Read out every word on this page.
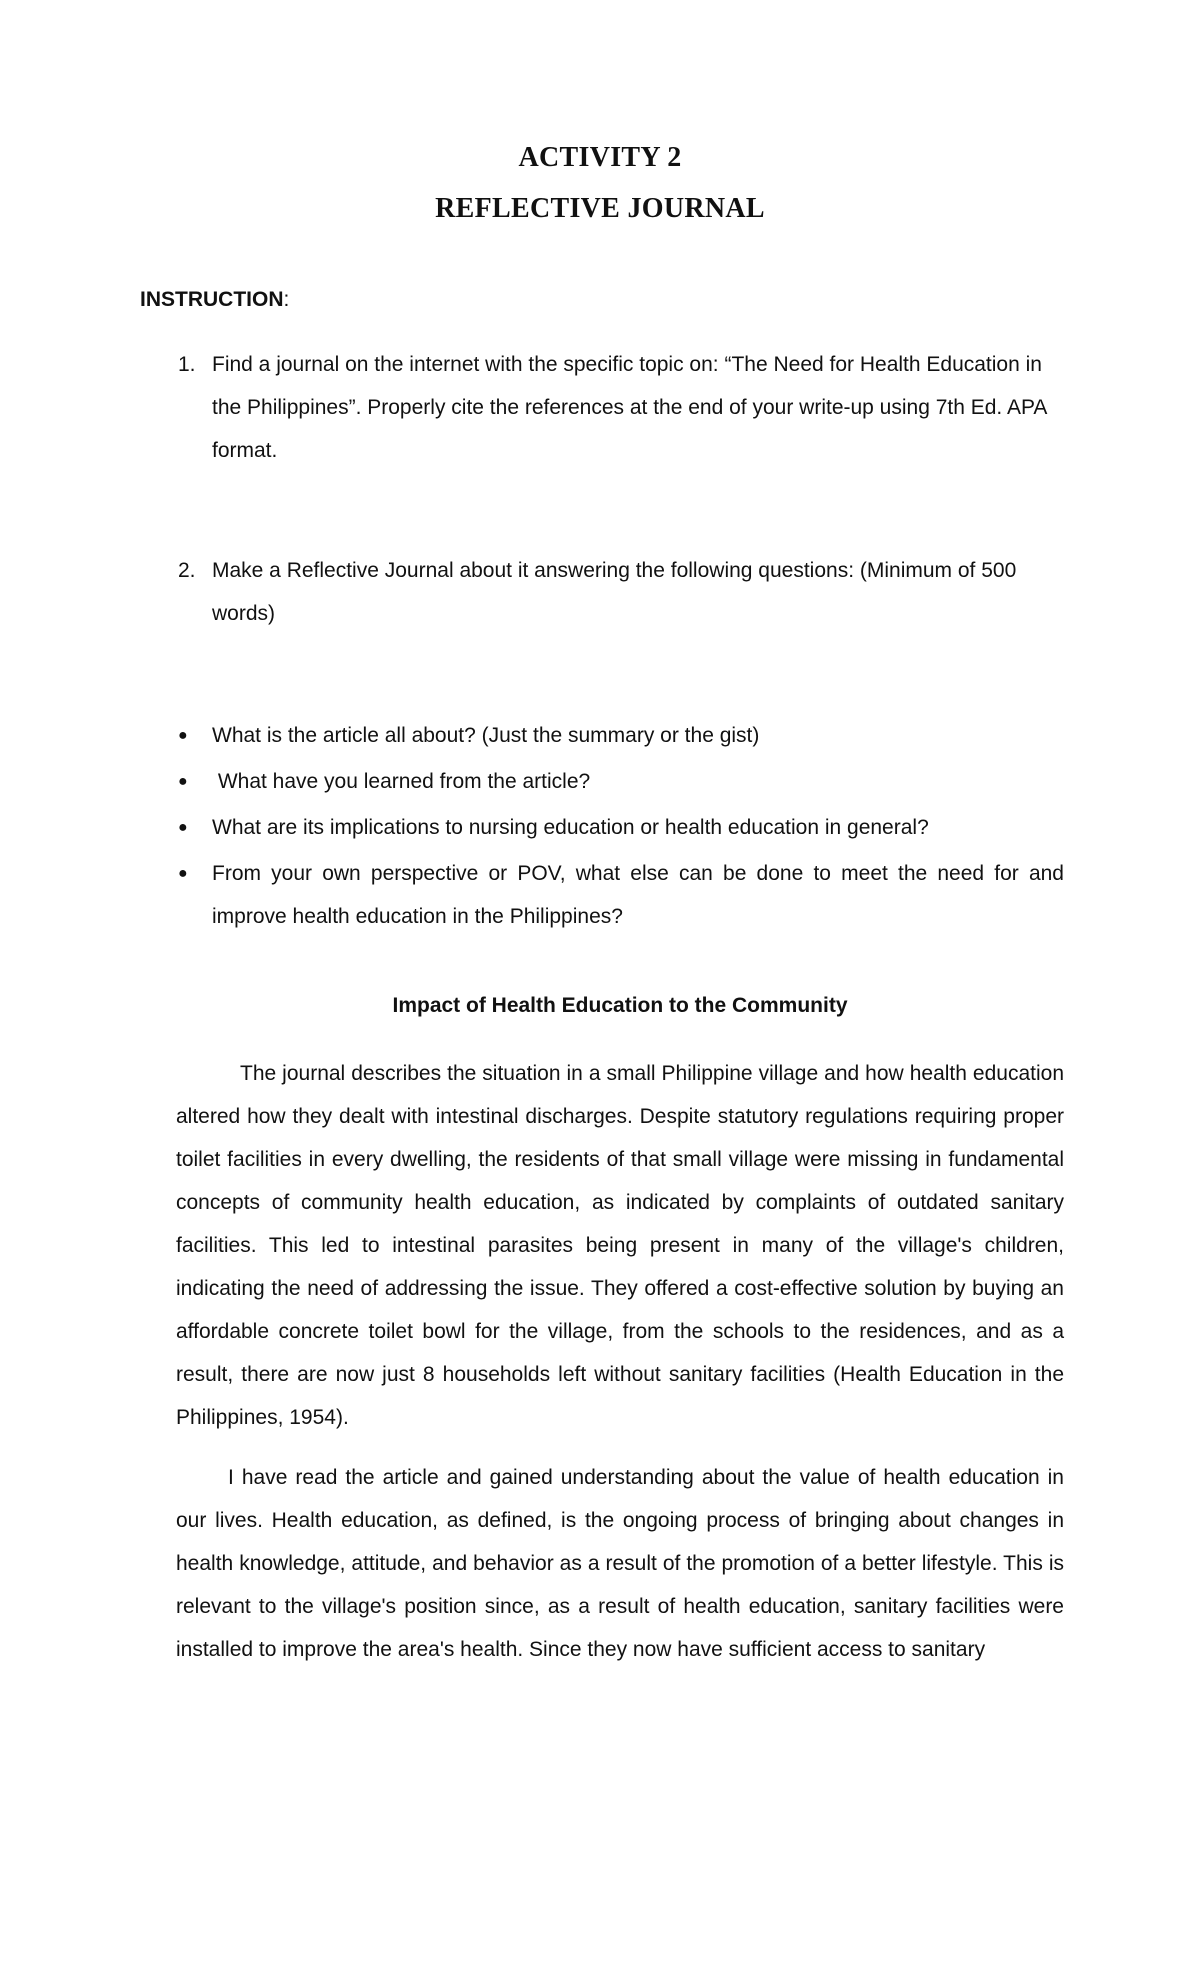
ACTIVITY 2
REFLECTIVE JOURNAL
INSTRUCTION:
1. Find a journal on the internet with the specific topic on: “The Need for Health Education in the Philippines”. Properly cite the references at the end of your write-up using 7th Ed. APA format.
2. Make a Reflective Journal about it answering the following questions: (Minimum of 500 words)
● What is the article all about? (Just the summary or the gist)
● What have you learned from the article?
● What are its implications to nursing education or health education in general?
● From your own perspective or POV, what else can be done to meet the need for and improve health education in the Philippines?
Impact of Health Education to the Community

The journal describes the situation in a small Philippine village and how health education altered how they dealt with intestinal discharges. Despite statutory regulations requiring proper toilet facilities in every dwelling, the residents of that small village were missing in fundamental concepts of community health education, as indicated by complaints of outdated sanitary facilities. This led to intestinal parasites being present in many of the village's children, indicating the need of addressing the issue. They offered a cost-effective solution by buying an affordable concrete toilet bowl for the village, from the schools to the residences, and as a result, there are now just 8 households left without sanitary facilities (Health Education in the Philippines, 1954).

I have read the article and gained understanding about the value of health education in our lives. Health education, as defined, is the ongoing process of bringing about changes in health knowledge, attitude, and behavior as a result of the promotion of a better lifestyle. This is relevant to the village's position since, as a result of health education, sanitary facilities were installed to improve the area's health. Since they now have sufficient access to sanitary
